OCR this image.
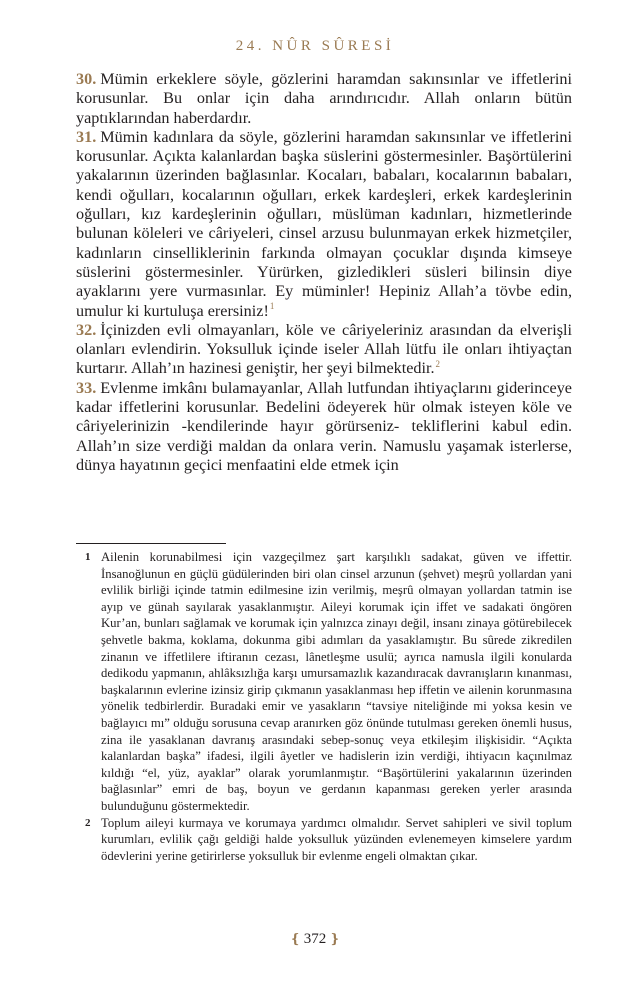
24. NÛR SÛRESİ

30. Mümin erkeklere söyle, gözlerini haramdan sakınsınlar ve iffetlerini korusunlar. Bu onlar için daha arındırıcıdır. Allah onların bütün yaptıklarından haberdardır.

31. Mümin kadınlara da söyle, gözlerini haramdan sakınsınlar ve iffetlerini korusunlar. Açıkta kalanlardan başka süslerini göstermesinler. Başörtülerini yakalarının üzerinden bağlasınlar. Kocaları, babaları, kocalarının babaları, kendi oğulları, kocalarının oğulları, erkek kardeşleri, erkek kardeşlerinin oğulları, kız kardeşlerinin oğulları, müslüman kadınları, hizmetlerinde bulunan köleleri ve câriyeleri, cinsel arzusu bulunmayan erkek hizmetçiler, kadınların cinselliklerinin farkında olmayan çocuklar dışında kimseye süslerini göstermesinler. Yürürken, gizledikleri süsleri bilinsin diye ayaklarını yere vurmasınlar. Ey müminler! Hepiniz Allah’a tövbe edin, umulur ki kurtuluşa erersiniz!$^1$

32. İçinizden evli olmayanları, köle ve câriyeleriniz arasından da elverişli olanları evlendirin. Yoksulluk içinde iseler Allah lütfu ile onları ihtiyaçtan kurtarır. Allah’ın hazinesi geniştir, her şeyi bilmektedir.$^2$

33. Evlenme imkânı bulamayanlar, Allah lutfundan ihtiyaçlarını giderinceye kadar iffetlerini korusunlar. Bedelini ödeyerek hür olmak isteyen köle ve câriyelerinizin -kendilerinde hayır görürseniz- tekliflerini kabul edin. Allah’ın size verdiği maldan da onlara verin. Namuslu yaşamak isterlerse, dünya hayatının geçici menfaatini elde etmek için

1 Ailenin korunabilmesi için vazgeçilmez şart karşılıklı sadakat, güven ve iffettir. İnsanoğlunun en güçlü güdülerinden biri olan cinsel arzunun (şehvet) meşrû yollardan yani evlilik birliği içinde tatmin edilmesine izin verilmiş, meşrû olmayan yollardan tatmin ise ayıp ve günah sayılarak yasaklanmıştır. Aileyi korumak için iffet ve sadakati öngören Kur’an, bunları sağlamak ve korumak için yalnızca zinayı değil, insanı zinaya götürebilecek şehvetle bakma, koklama, dokunma gibi adımları da yasaklamıştır. Bu sûrede zikredilen zinanın ve iffetlilere iftiranın cezası, lânetleşme usulü; ayrıca namusla ilgili konularda dedikodu yapmanın, ahlâksızlığa karşı umursamazlık kazandıracak davranışların kınanması, başkalarının evlerine izinsiz girip çıkmanın yasaklanması hep iffetin ve ailenin korunmasına yönelik tedbirlerdir. Buradaki emir ve yasakların “tavsiye niteliğinde mi yoksa kesin ve bağlayıcı mı” olduğu sorusuna cevap aranırken göz önünde tutulması gereken önemli husus, zina ile yasaklanan davranış arasındaki sebep-sonuç veya etkileşim ilişkisidir. “Açıkta kalanlardan başka” ifadesi, ilgili âyetler ve hadislerin izin verdiği, ihtiyacın kaçınılmaz kıldığı “el, yüz, ayaklar” olarak yorumlanmıştır. “Başörtülerini yakalarının üzerinden bağlasınlar” emri de baş, boyun ve gerdanın kapanması gereken yerler arasında bulunduğunu göstermektedir.
2 Toplum aileyi kurmaya ve korumaya yardımcı olmalıdır. Servet sahipleri ve sivil toplum kurumları, evlilik çağı geldiği halde yoksulluk yüzünden evlenemeyen kimselere yardım ödevlerini yerine getirirlerse yoksulluk bir evlenme engeli olmaktan çıkar.
❴ 372 ❵
